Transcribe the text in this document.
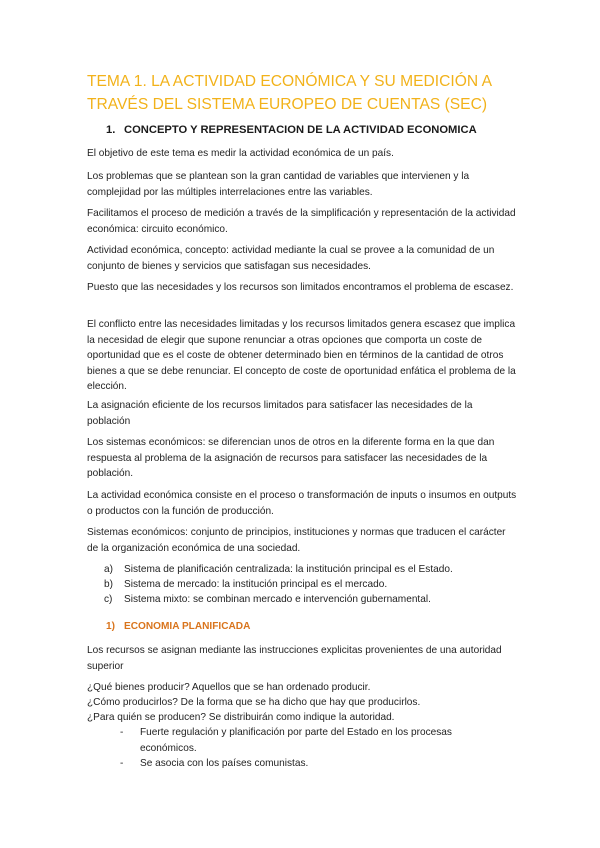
TEMA 1. LA ACTIVIDAD ECONÓMICA Y SU MEDICIÓN A TRAVÉS DEL SISTEMA EUROPEO DE CUENTAS (SEC)
1. CONCEPTO Y REPRESENTACION DE LA ACTIVIDAD ECONOMICA

El objetivo de este tema es medir la actividad económica de un país.

Los problemas que se plantean son la gran cantidad de variables que intervienen y la complejidad por las múltiples interrelaciones entre las variables.

Facilitamos el proceso de medición a través de la simplificación y representación de la actividad económica: circuito económico.

Actividad económica, concepto: actividad mediante la cual se provee a la comunidad de un conjunto de bienes y servicios que satisfagan sus necesidades.

Puesto que las necesidades y los recursos son limitados encontramos el problema de escasez.

El conflicto entre las necesidades limitadas y los recursos limitados genera escasez que implica la necesidad de elegir que supone renunciar a otras opciones que comporta un coste de oportunidad que es el coste de obtener determinado bien en términos de la cantidad de otros bienes a que se debe renunciar. El concepto de coste de oportunidad enfática el problema de la elección.

La asignación eficiente de los recursos limitados para satisfacer las necesidades de la población

Los sistemas económicos: se diferencian unos de otros en la diferente forma en la que dan respuesta al problema de la asignación de recursos para satisfacer las necesidades de la población.

La actividad económica consiste en el proceso o transformación de inputs o insumos en outputs o productos con la función de producción.

Sistemas económicos: conjunto de principios, instituciones y normas que traducen el carácter de la organización económica de una sociedad.

a) Sistema de planificación centralizada: la institución principal es el Estado.
b) Sistema de mercado: la institución principal es el mercado.
c) Sistema mixto: se combinan mercado e intervención gubernamental.
1) ECONOMIA PLANIFICADA

Los recursos se asignan mediante las instrucciones explicitas provenientes de una autoridad superior

¿Qué bienes producir? Aquellos que se han ordenado producir.

¿Cómo producirlos? De la forma que se ha dicho que hay que producirlos.

¿Para quién se producen? Se distribuirán como indique la autoridad.

- Fuerte regulación y planificación por parte del Estado en los procesas económicos.
- Se asocia con los países comunistas.
